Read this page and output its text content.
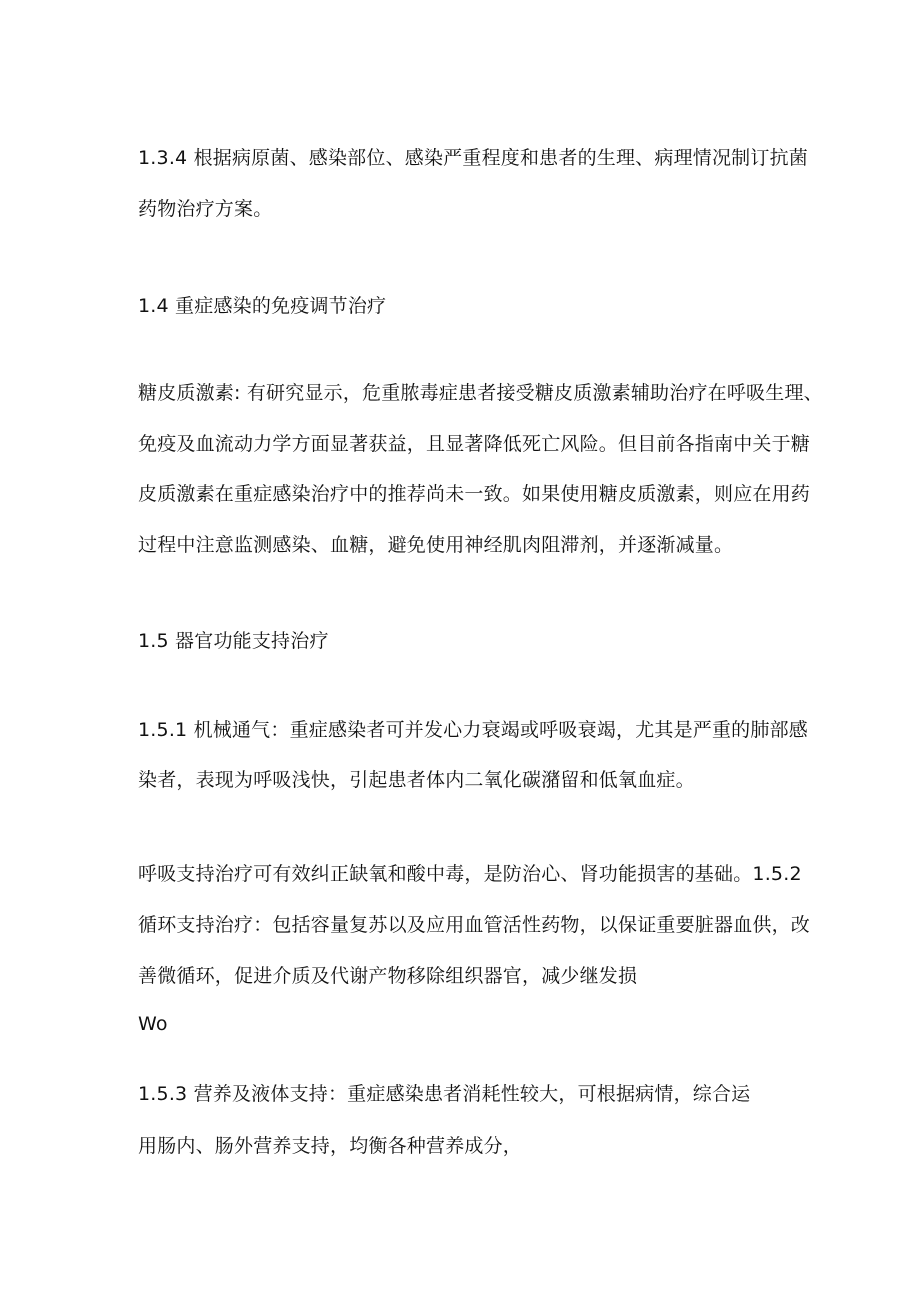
1.3.4 根据病原菌、感染部位、感染严重程度和患者的生理、病理情况制订抗菌
药物治疗方案。
1.4 重症感染的免疫调节治疗
糖皮质激素: 有研究显示，危重脓毒症患者接受糖皮质激素辅助治疗在呼吸生理、
免疫及血流动力学方面显著获益，且显著降低死亡风险。但目前各指南中关于糖
皮质激素在重症感染治疗中的推荐尚未一致。如果使用糖皮质激素，则应在用药
过程中注意监测感染、血糖，避免使用神经肌肉阻滞剂，并逐渐减量。
1.5 器官功能支持治疗
1.5.1 机械通气：重症感染者可并发心力衰竭或呼吸衰竭，尤其是严重的肺部感
染者，表现为呼吸浅快，引起患者体内二氧化碳潴留和低氧血症。
呼吸支持治疗可有效纠正缺氧和酸中毒，是防治心、肾功能损害的基础。1.5.2
循环支持治疗：包括容量复苏以及应用血管活性药物，以保证重要脏器血供，改
善微循环，促进介质及代谢产物移除组织器官，减少继发损
Wo
1.5.3 营养及液体支持：重症感染患者消耗性较大，可根据病情，综合运
用肠内、肠外营养支持，均衡各种营养成分，
